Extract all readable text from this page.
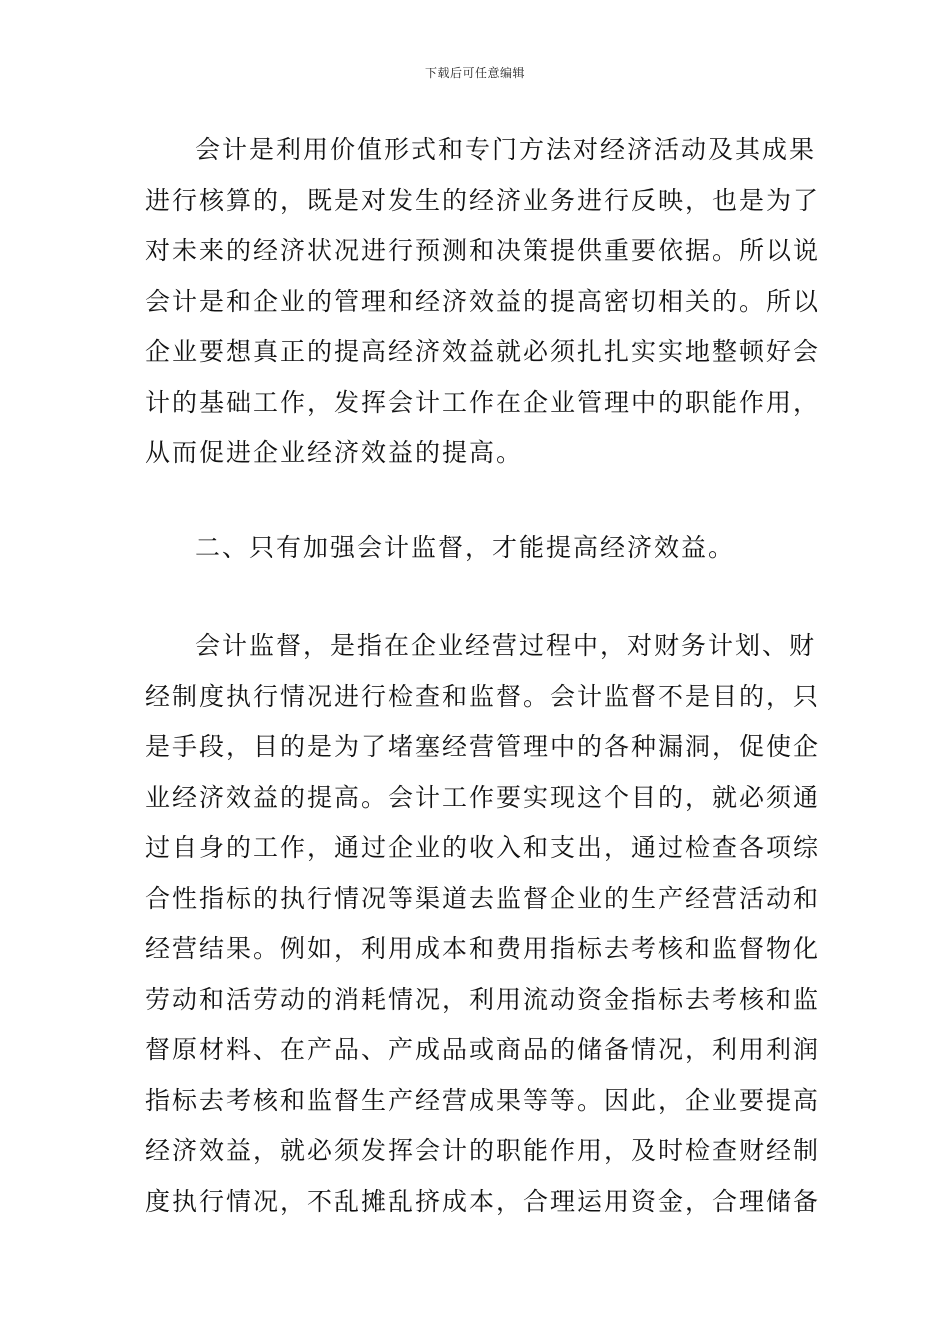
下载后可任意编辑
会计是利用价值形式和专门方法对经济活动及其成果
进行核算的，既是对发生的经济业务进行反映，也是为了
对未来的经济状况进行预测和决策提供重要依据。所以说
会计是和企业的管理和经济效益的提高密切相关的。所以
企业要想真正的提高经济效益就必须扎扎实实地整顿好会
计的基础工作，发挥会计工作在企业管理中的职能作用，
从而促进企业经济效益的提高。
二、只有加强会计监督，才能提高经济效益。
会计监督，是指在企业经营过程中，对财务计划、财
经制度执行情况进行检查和监督。会计监督不是目的，只
是手段，目的是为了堵塞经营管理中的各种漏洞，促使企
业经济效益的提高。会计工作要实现这个目的，就必须通
过自身的工作，通过企业的收入和支出，通过检查各项综
合性指标的执行情况等渠道去监督企业的生产经营活动和
经营结果。例如，利用成本和费用指标去考核和监督物化
劳动和活劳动的消耗情况，利用流动资金指标去考核和监
督原材料、在产品、产成品或商品的储备情况，利用利润
指标去考核和监督生产经营成果等等。因此，企业要提高
经济效益，就必须发挥会计的职能作用，及时检查财经制
度执行情况，不乱摊乱挤成本，合理运用资金，合理储备
